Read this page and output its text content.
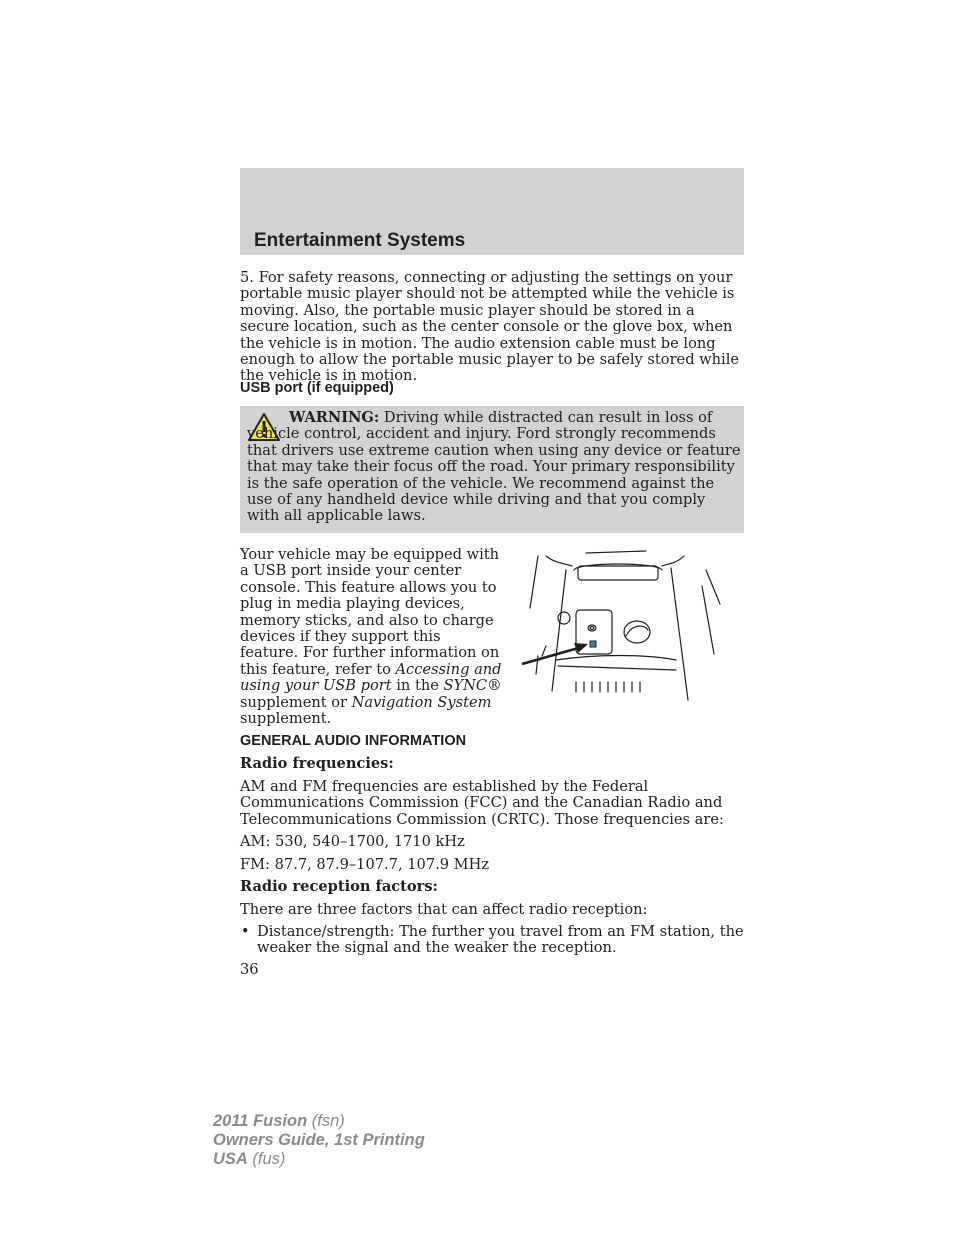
Entertainment Systems
5. For safety reasons, connecting or adjusting the settings on your portable music player should not be attempted while the vehicle is moving. Also, the portable music player should be stored in a secure location, such as the center console or the glove box, when the vehicle is in motion. The audio extension cable must be long enough to allow the portable music player to be safely stored while the vehicle is in motion.
USB port (if equipped)
WARNING: Driving while distracted can result in loss of vehicle control, accident and injury. Ford strongly recommends that drivers use extreme caution when using any device or feature that may take their focus off the road. Your primary responsibility is the safe operation of the vehicle. We recommend against the use of any handheld device while driving and that you comply with all applicable laws.
Your vehicle may be equipped with a USB port inside your center console. This feature allows you to plug in media playing devices, memory sticks, and also to charge devices if they support this feature. For further information on this feature, refer to Accessing and using your USB port in the SYNC® supplement or Navigation System supplement.
GENERAL AUDIO INFORMATION
Radio frequencies:
AM and FM frequencies are established by the Federal Communications Commission (FCC) and the Canadian Radio and Telecommunications Commission (CRTC). Those frequencies are:
AM: 530, 540–1700, 1710 kHz
FM: 87.7, 87.9–107.7, 107.9 MHz
Radio reception factors:
There are three factors that can affect radio reception:
• Distance/strength: The further you travel from an FM station, the weaker the signal and the weaker the reception.
36
2011 Fusion (fsn)
Owners Guide, 1st Printing
USA (fus)
